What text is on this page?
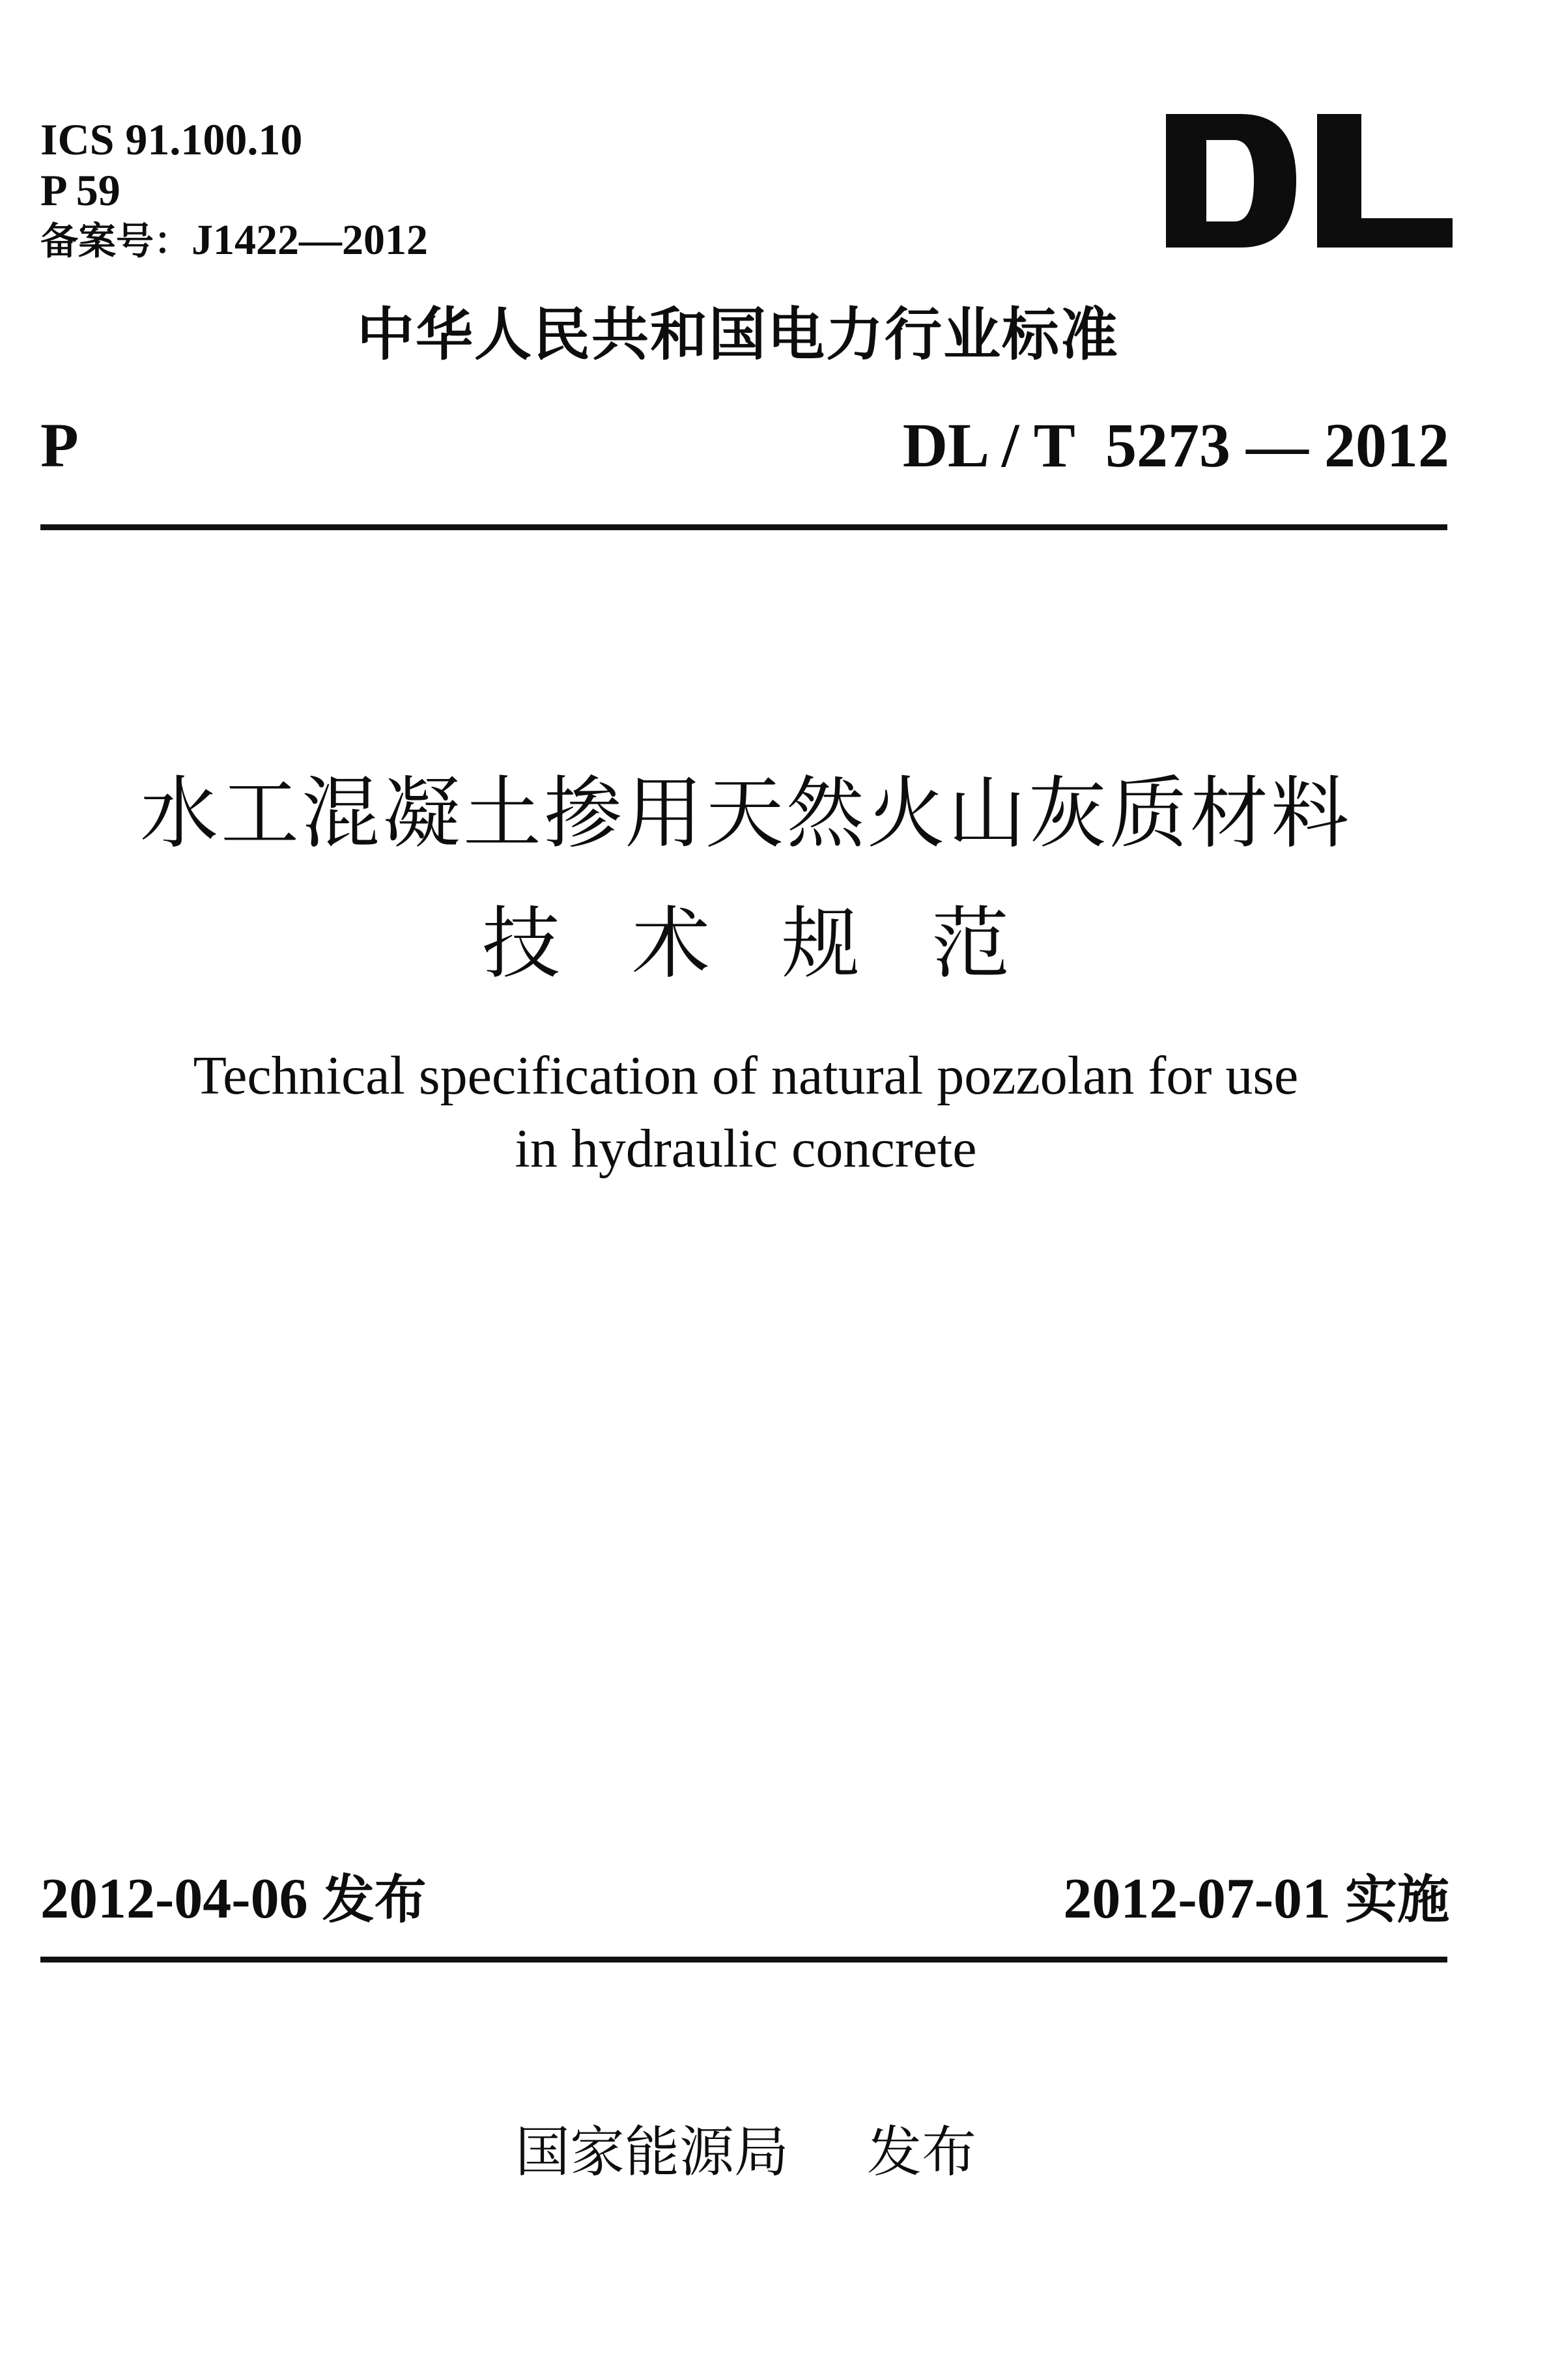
ICS 91.100.10
P 59
备案号：J1422—2012
中华人民共和国电力行业标准
P	DL / T  5273 — 2012
水工混凝土掺用天然火山灰质材料
技术规范
Technical specification of natural pozzolan for use
in hydraulic concrete
2012-04-06 发布	2012-07-01 实施
国家能源局 发布
